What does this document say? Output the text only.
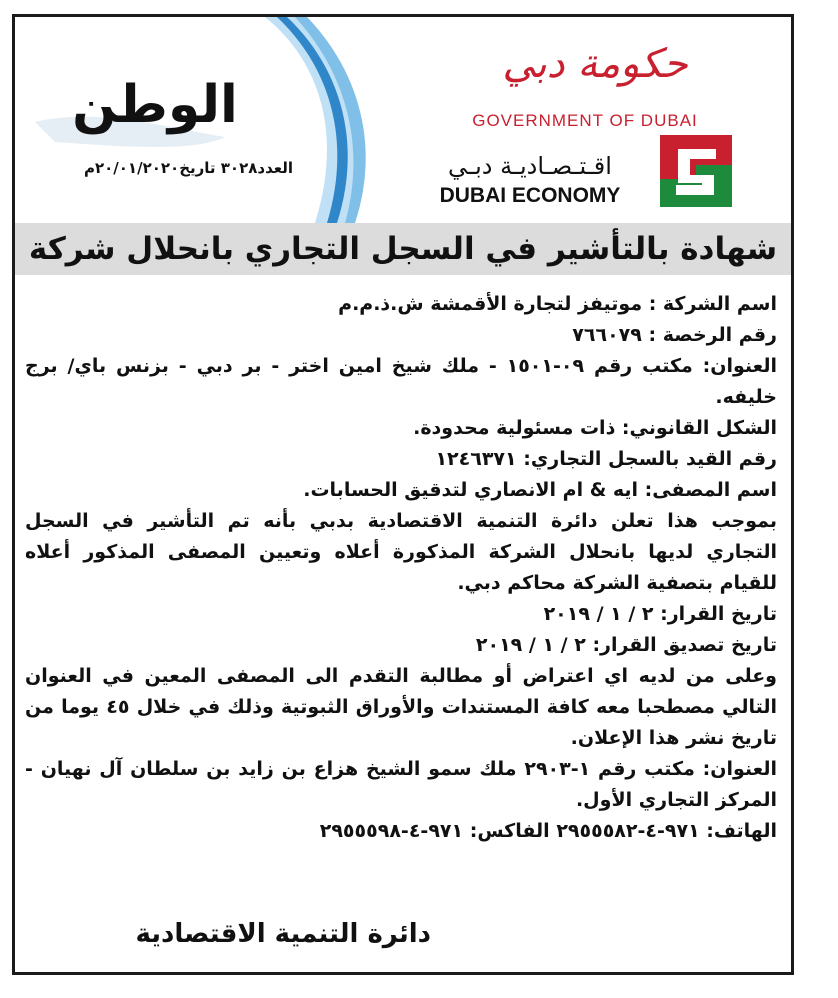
الوطن
العدد٣٠٢٨ تاريخ٢٠/٠١/٢٠٢٠م
حكومة دبي
GOVERNMENT OF DUBAI
اقـتـصـاديـة دبـي
DUBAI ECONOMY
شهادة بالتأشير في السجل التجاري بانحلال شركة

اسم الشركة : موتيفز لتجارة الأقمشة ش.ذ.م.م

رقم الرخصة : ٧٦٦٠٧٩

العنوان: مكتب رقم ٠٩-١٥٠١ - ملك شيخ امين اختر - بر دبي - بزنس باي/ برج خليفه.

الشكل القانوني: ذات مسئولية محدودة.

رقم القيد بالسجل التجاري: ١٢٤٦٣٧١

اسم المصفى: ايه & ام الانصاري لتدقيق الحسابات.

بموجب هذا تعلن دائرة التنمية الاقتصادية بدبي بأنه تم التأشير في السجل التجاري لديها بانحلال الشركة المذكورة أعلاه وتعيين المصفى المذكور أعلاه للقيام بتصفية الشركة محاكم دبي.

تاريخ القرار: ٢ / ١ / ٢٠١٩

تاريخ تصديق القرار: ٢ / ١ / ٢٠١٩

وعلى من لديه اي اعتراض أو مطالبة التقدم الى المصفى المعين في العنوان التالي مصطحبا معه كافة المستندات والأوراق الثبوتية وذلك في خلال ٤٥ يوما من تاريخ نشر هذا الإعلان.

العنوان: مكتب رقم ١-٢٩٠٣ ملك سمو الشيخ هزاع بن زايد بن سلطان آل نهيان - المركز التجاري الأول.

الهاتف: ٩٧١-٤-٢٩٥٥٥٨٢ الفاكس: ٩٧١-٤-٢٩٥٥٥٩٨

دائرة التنمية الاقتصادية
